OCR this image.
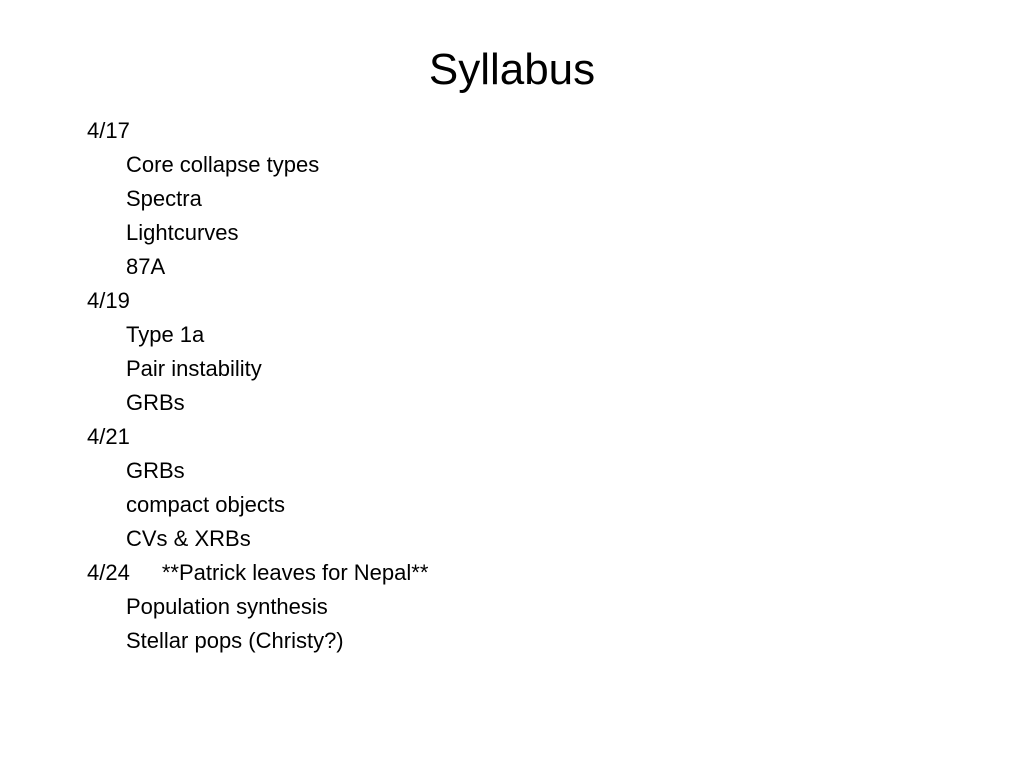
Syllabus
4/17
Core collapse types
Spectra
Lightcurves
87A
4/19
Type 1a
Pair instability
GRBs
4/21
GRBs
compact objects
CVs & XRBs
4/24 **Patrick leaves for Nepal**
Population synthesis
Stellar pops (Christy?)
